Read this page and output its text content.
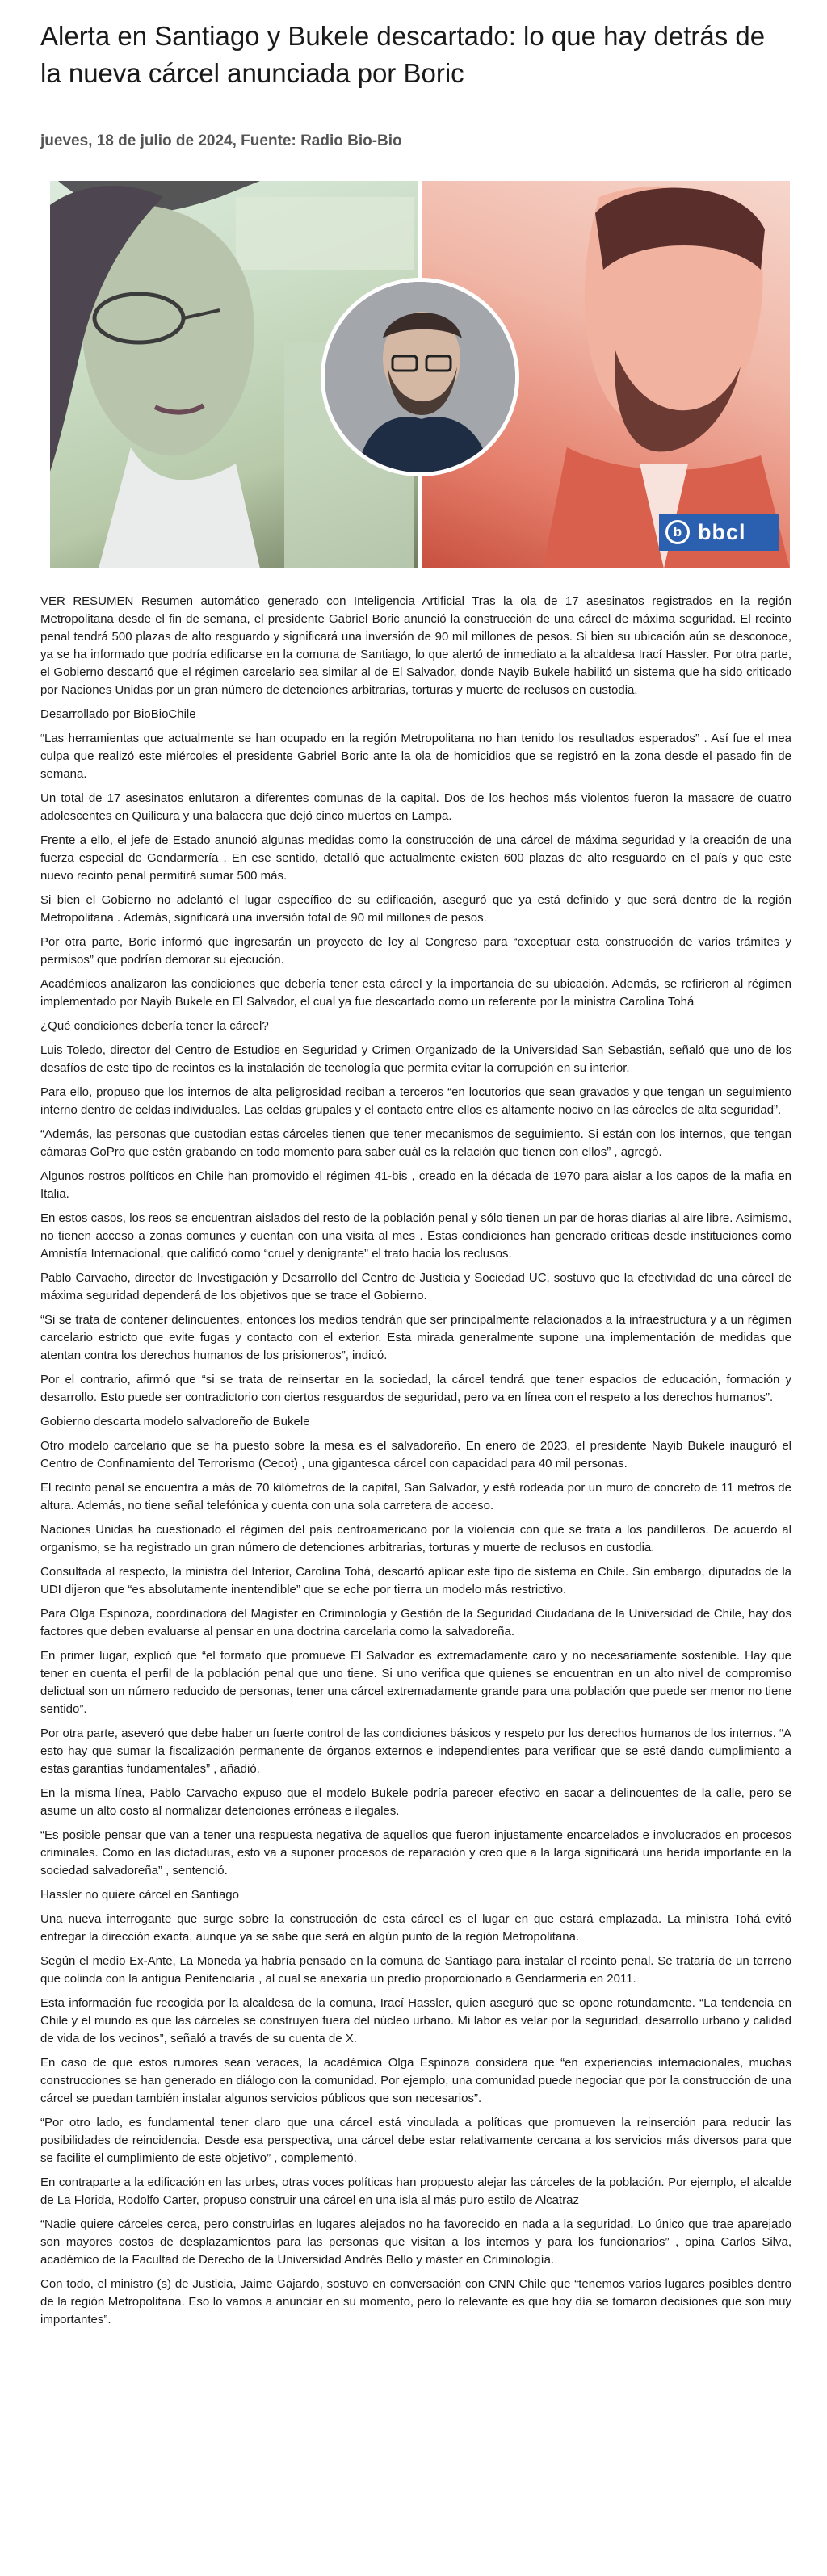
Alerta en Santiago y Bukele descartado: lo que hay detrás de la nueva cárcel anunciada por Boric
jueves, 18 de julio de 2024, Fuente: Radio Bio-Bio
b bbcl

VER RESUMEN Resumen automático generado con Inteligencia Artificial Tras la ola de 17 asesinatos registrados en la región Metropolitana desde el fin de semana, el presidente Gabriel Boric anunció la construcción de una cárcel de máxima seguridad. El recinto penal tendrá 500 plazas de alto resguardo y significará una inversión de 90 mil millones de pesos. Si bien su ubicación aún se desconoce, ya se ha informado que podría edificarse en la comuna de Santiago, lo que alertó de inmediato a la alcaldesa Irací Hassler. Por otra parte, el Gobierno descartó que el régimen carcelario sea similar al de El Salvador, donde Nayib Bukele habilitó un sistema que ha sido criticado por Naciones Unidas por un gran número de detenciones arbitrarias, torturas y muerte de reclusos en custodia.

Desarrollado por BioBioChile

“Las herramientas que actualmente se han ocupado en la región Metropolitana no han tenido los resultados esperados” . Así fue el mea culpa que realizó este miércoles el presidente Gabriel Boric ante la ola de homicidios que se registró en la zona desde el pasado fin de semana.

Un total de 17 asesinatos enlutaron a diferentes comunas de la capital. Dos de los hechos más violentos fueron la masacre de cuatro adolescentes en Quilicura y una balacera que dejó cinco muertos en Lampa.

Frente a ello, el jefe de Estado anunció algunas medidas como la construcción de una cárcel de máxima seguridad y la creación de una fuerza especial de Gendarmería . En ese sentido, detalló que actualmente existen 600 plazas de alto resguardo en el país y que este nuevo recinto penal permitirá sumar 500 más.

Si bien el Gobierno no adelantó el lugar específico de su edificación, aseguró que ya está definido y que será dentro de la región Metropolitana . Además, significará una inversión total de 90 mil millones de pesos.

Por otra parte, Boric informó que ingresarán un proyecto de ley al Congreso para “exceptuar esta construcción de varios trámites y permisos” que podrían demorar su ejecución.

Académicos analizaron las condiciones que debería tener esta cárcel y la importancia de su ubicación. Además, se refirieron al régimen implementado por Nayib Bukele en El Salvador, el cual ya fue descartado como un referente por la ministra Carolina Tohá

¿Qué condiciones debería tener la cárcel?

Luis Toledo, director del Centro de Estudios en Seguridad y Crimen Organizado de la Universidad San Sebastián, señaló que uno de los desafíos de este tipo de recintos es la instalación de tecnología que permita evitar la corrupción en su interior.

Para ello, propuso que los internos de alta peligrosidad reciban a terceros “en locutorios que sean gravados y que tengan un seguimiento interno dentro de celdas individuales. Las celdas grupales y el contacto entre ellos es altamente nocivo en las cárceles de alta seguridad”.

“Además, las personas que custodian estas cárceles tienen que tener mecanismos de seguimiento. Si están con los internos, que tengan cámaras GoPro que estén grabando en todo momento para saber cuál es la relación que tienen con ellos” , agregó.

Algunos rostros políticos en Chile han promovido el régimen 41-bis , creado en la década de 1970 para aislar a los capos de la mafia en Italia.

En estos casos, los reos se encuentran aislados del resto de la población penal y sólo tienen un par de horas diarias al aire libre. Asimismo, no tienen acceso a zonas comunes y cuentan con una visita al mes . Estas condiciones han generado críticas desde instituciones como Amnistía Internacional, que calificó como “cruel y denigrante” el trato hacia los reclusos.

Pablo Carvacho, director de Investigación y Desarrollo del Centro de Justicia y Sociedad UC, sostuvo que la efectividad de una cárcel de máxima seguridad dependerá de los objetivos que se trace el Gobierno.

“Si se trata de contener delincuentes, entonces los medios tendrán que ser principalmente relacionados a la infraestructura y a un régimen carcelario estricto que evite fugas y contacto con el exterior. Esta mirada generalmente supone una implementación de medidas que atentan contra los derechos humanos de los prisioneros”, indicó.

Por el contrario, afirmó que “si se trata de reinsertar en la sociedad, la cárcel tendrá que tener espacios de educación, formación y desarrollo. Esto puede ser contradictorio con ciertos resguardos de seguridad, pero va en línea con el respeto a los derechos humanos”.

Gobierno descarta modelo salvadoreño de Bukele

Otro modelo carcelario que se ha puesto sobre la mesa es el salvadoreño. En enero de 2023, el presidente Nayib Bukele inauguró el Centro de Confinamiento del Terrorismo (Cecot) , una gigantesca cárcel con capacidad para 40 mil personas.

El recinto penal se encuentra a más de 70 kilómetros de la capital, San Salvador, y está rodeada por un muro de concreto de 11 metros de altura. Además, no tiene señal telefónica y cuenta con una sola carretera de acceso.

Naciones Unidas ha cuestionado el régimen del país centroamericano por la violencia con que se trata a los pandilleros. De acuerdo al organismo, se ha registrado un gran número de detenciones arbitrarias, torturas y muerte de reclusos en custodia.

Consultada al respecto, la ministra del Interior, Carolina Tohá, descartó aplicar este tipo de sistema en Chile. Sin embargo, diputados de la UDI dijeron que “es absolutamente inentendible” que se eche por tierra un modelo más restrictivo.

Para Olga Espinoza, coordinadora del Magíster en Criminología y Gestión de la Seguridad Ciudadana de la Universidad de Chile, hay dos factores que deben evaluarse al pensar en una doctrina carcelaria como la salvadoreña.

En primer lugar, explicó que “el formato que promueve El Salvador es extremadamente caro y no necesariamente sostenible. Hay que tener en cuenta el perfil de la población penal que uno tiene. Si uno verifica que quienes se encuentran en un alto nivel de compromiso delictual son un número reducido de personas, tener una cárcel extremadamente grande para una población que puede ser menor no tiene sentido”.

Por otra parte, aseveró que debe haber un fuerte control de las condiciones básicos y respeto por los derechos humanos de los internos. “A esto hay que sumar la fiscalización permanente de órganos externos e independientes para verificar que se esté dando cumplimiento a estas garantías fundamentales” , añadió.

En la misma línea, Pablo Carvacho expuso que el modelo Bukele podría parecer efectivo en sacar a delincuentes de la calle, pero se asume un alto costo al normalizar detenciones erróneas e ilegales.

“Es posible pensar que van a tener una respuesta negativa de aquellos que fueron injustamente encarcelados e involucrados en procesos criminales. Como en las dictaduras, esto va a suponer procesos de reparación y creo que a la larga significará una herida importante en la sociedad salvadoreña” , sentenció.

Hassler no quiere cárcel en Santiago

Una nueva interrogante que surge sobre la construcción de esta cárcel es el lugar en que estará emplazada. La ministra Tohá evitó entregar la dirección exacta, aunque ya se sabe que será en algún punto de la región Metropolitana.

Según el medio Ex-Ante, La Moneda ya habría pensado en la comuna de Santiago para instalar el recinto penal. Se trataría de un terreno que colinda con la antigua Penitenciaría , al cual se anexaría un predio proporcionado a Gendarmería en 2011.

Esta información fue recogida por la alcaldesa de la comuna, Irací Hassler, quien aseguró que se opone rotundamente. “La tendencia en Chile y el mundo es que las cárceles se construyen fuera del núcleo urbano. Mi labor es velar por la seguridad, desarrollo urbano y calidad de vida de los vecinos”, señaló a través de su cuenta de X.

En caso de que estos rumores sean veraces, la académica Olga Espinoza considera que “en experiencias internacionales, muchas construcciones se han generado en diálogo con la comunidad. Por ejemplo, una comunidad puede negociar que por la construcción de una cárcel se puedan también instalar algunos servicios públicos que son necesarios”.

“Por otro lado, es fundamental tener claro que una cárcel está vinculada a políticas que promueven la reinserción para reducir las posibilidades de reincidencia. Desde esa perspectiva, una cárcel debe estar relativamente cercana a los servicios más diversos para que se facilite el cumplimiento de este objetivo” , complementó.

En contraparte a la edificación en las urbes, otras voces políticas han propuesto alejar las cárceles de la población. Por ejemplo, el alcalde de La Florida, Rodolfo Carter, propuso construir una cárcel en una isla al más puro estilo de Alcatraz

“Nadie quiere cárceles cerca, pero construirlas en lugares alejados no ha favorecido en nada a la seguridad. Lo único que trae aparejado son mayores costos de desplazamientos para las personas que visitan a los internos y para los funcionarios” , opina Carlos Silva, académico de la Facultad de Derecho de la Universidad Andrés Bello y máster en Criminología.

Con todo, el ministro (s) de Justicia, Jaime Gajardo, sostuvo en conversación con CNN Chile que “tenemos varios lugares posibles dentro de la región Metropolitana. Eso lo vamos a anunciar en su momento, pero lo relevante es que hoy día se tomaron decisiones que son muy importantes”.
